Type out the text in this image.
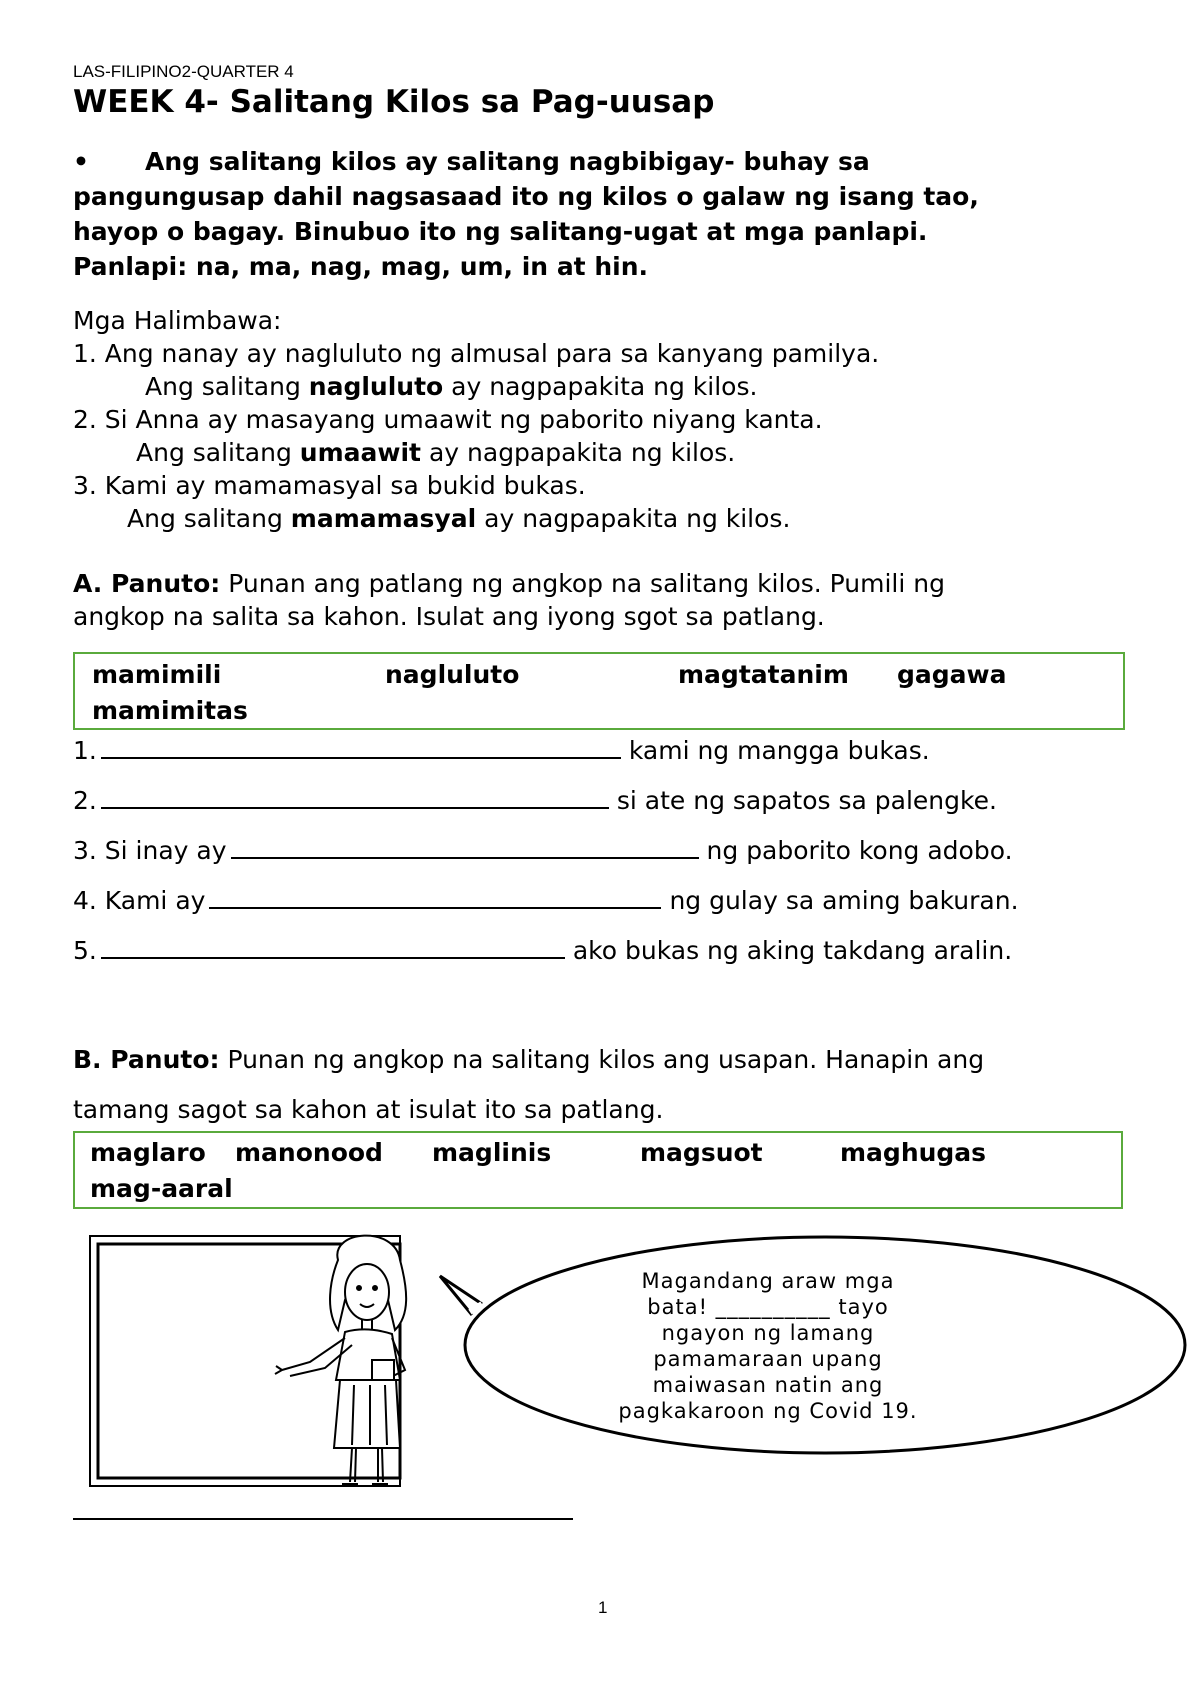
LAS-FILIPINO2-QUARTER 4
WEEK 4- Salitang Kilos sa Pag-uusap
• Ang salitang kilos ay salitang nagbibigay- buhay sa
pangungusap dahil nagsasaad ito ng kilos o galaw ng isang tao,
hayop o bagay. Binubuo ito ng salitang-ugat at mga panlapi.
Panlapi: na, ma, nag, mag, um, in at hin.
Mga Halimbawa:
1. Ang nanay ay nagluluto ng almusal para sa kanyang pamilya.
Ang salitang nagluluto ay nagpapakita ng kilos.
2. Si Anna ay masayang umaawit ng paborito niyang kanta.
Ang salitang umaawit ay nagpapakita ng kilos.
3. Kami ay mamamasyal sa bukid bukas.
Ang salitang mamamasyal ay nagpapakita ng kilos.
A. Panuto: Punan ang patlang ng angkop na salitang kilos. Pumili ng
angkop na salita sa kahon. Isulat ang iyong sgot sa patlang.
mamimili	nagluluto	magtatanim gagawa
mamimitas
1.	kami ng mangga bukas.
2.	si ate ng sapatos sa palengke.
3. Si inay ay	ng paborito kong adobo.
4. Kami ay	ng gulay sa aming bakuran.
5.	ako bukas ng aking takdang aralin.
B. Panuto: Punan ng angkop na salitang kilos ang usapan. Hanapin ang
tamang sagot sa kahon at isulat ito sa patlang.
maglaro manonood maglinis	magsuot	maghugas
mag-aaral
Magandang araw mga
bata! __________ tayo
ngayon ng lamang
pamamaraan upang
maiwasan natin ang
pagkakaroon ng Covid 19.
1
